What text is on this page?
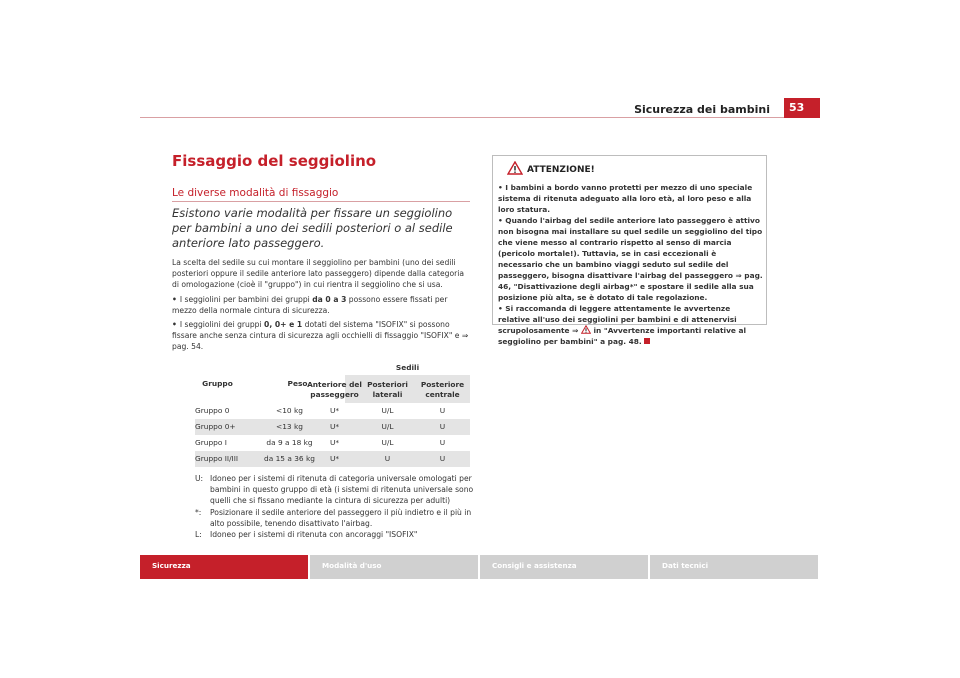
Sicurezza dei bambini	53
Fissaggio del seggiolino
Le diverse modalità di fissaggio
Esistono varie modalità per fissare un seggiolino per bambini a uno dei sedili posteriori o al sedile anteriore lato passeggero.
La scelta del sedile su cui montare il seggiolino per bambini (uno dei sedili posteriori oppure il sedile anteriore lato passeggero) dipende dalla categoria di omologazione (cioè il "gruppo") in cui rientra il seggiolino che si usa.
• I seggiolini per bambini dei gruppi da 0 a 3 possono essere fissati per mezzo della normale cintura di sicurezza.
• I seggiolini dei gruppi 0, 0+ e 1 dotati del sistema "ISOFIX" si possono fissare anche senza cintura di sicurezza agli occhielli di fissaggio "ISOFIX" e ⇒ pag. 54.
Gruppo	Peso
Sedili
Anteriore del passeggero
Posteriori laterali
Posteriore centrale
Gruppo 0	<10 kg	U*	U/L	U
Gruppo 0+	<13 kg	U*	U/L	U
Gruppo I	da 9 a 18 kg	U*	U/L	U
Gruppo II/III	da 15 a 36 kg	U*	U	U
U: Idoneo per i sistemi di ritenuta di categoria universale omologati per bambini in questo gruppo di età (i sistemi di ritenuta universale sono quelli che si fissano mediante la cintura di sicurezza per adulti)
*: Posizionare il sedile anteriore del passeggero il più indietro e il più in alto possibile, tenendo disattivato l'airbag.
L: Idoneo per i sistemi di ritenuta con ancoraggi "ISOFIX"
ATTENZIONE!
• I bambini a bordo vanno protetti per mezzo di uno speciale sistema di ritenuta adeguato alla loro età, al loro peso e alla loro statura.
• Quando l'airbag del sedile anteriore lato passeggero è attivo non bisogna mai installare su quel sedile un seggiolino del tipo che viene messo al contrario rispetto al senso di marcia (pericolo mortale!). Tuttavia, se in casi eccezionali è necessario che un bambino viaggi seduto sul sedile del passeggero, bisogna disattivare l'airbag del passeggero ⇒ pag. 46, "Disattivazione degli airbag*" e spostare il sedile alla sua posizione più alta, se è dotato di tale regolazione.
• Si raccomanda di leggere attentamente le avvertenze relative all'uso dei seggiolini per bambini e di attenervisi scrupolosamente ⇒  in "Avvertenze importanti relative al seggiolino per bambini" a pag. 48.
Sicurezza	Modalità d'uso	Consigli e assistenza	Dati tecnici
